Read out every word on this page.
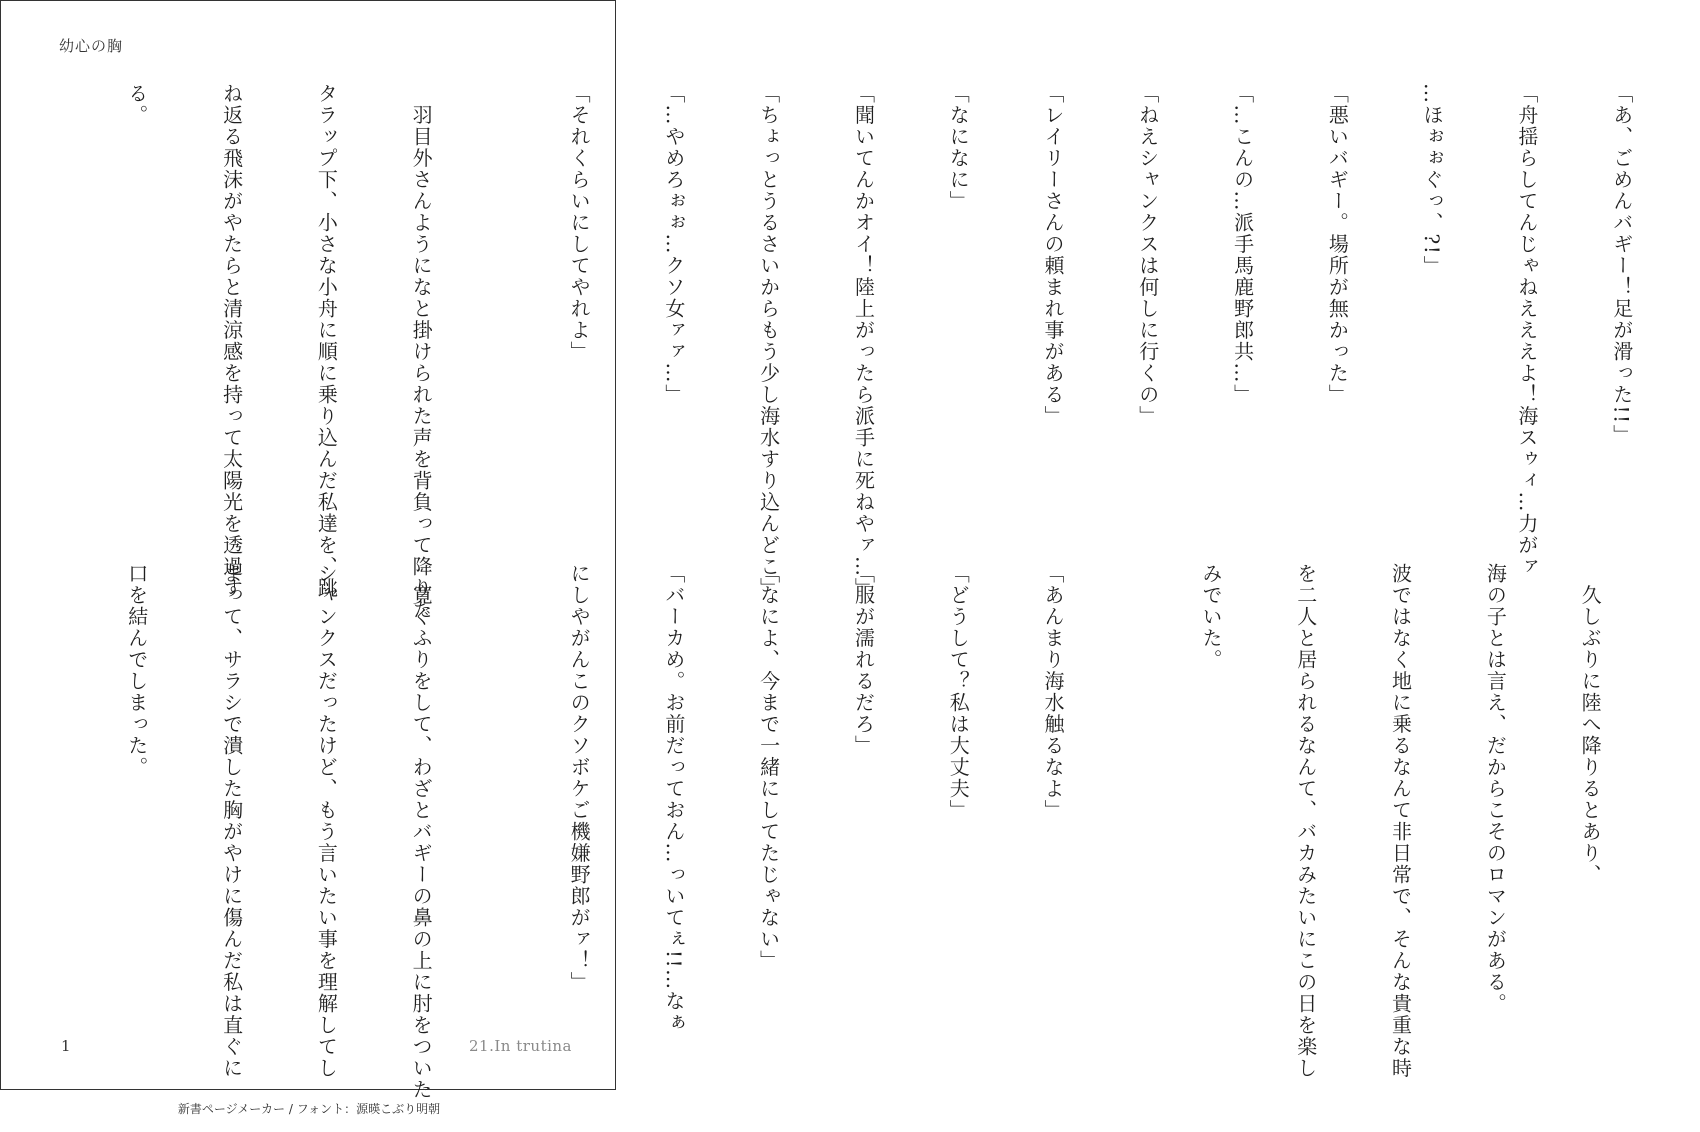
幼心の胸

「あ、ごめんバギー！足が滑った!!」

「舟揺らしてんじゃねえええよ！海スゥィ…力がァ

…ほぉぉぐっ、?!」

「悪いバギー。場所が無かった」

「…こんの…派手馬鹿野郎共…」

「ねえシャンクスは何しに行くの」

「レイリーさんの頼まれ事がある」

「なになに」

「聞いてんかオイ！陸上がったら派手に死ねやァ…」

「ちょっとうるさいからもう少し海水すり込んどこ」

「…やめろぉぉ…クソ女ァァ…」

「それくらいにしてやれよ」

　羽目外さんようになと掛けられた声を背負って降りた

タラップ下、小さな小舟に順に乗り込んだ私達を、跳

ね返る飛沫がやたらと清涼感を持って太陽光を透過す

る。

　久しぶりに陸へ降りるとあり、

海の子とは言え、だからこそのロマンがある。

波ではなく地に乗るなんて非日常で、そんな貴重な時

を二人と居られるなんて、バカみたいにこの日を楽し

みでいた。

「あんまり海水触るなよ」

「どうして？私は大丈夫」

「服が濡れるだろ」

「なによ、今まで一緒にしてたじゃない」

「バーカめ。お前だっておん…っいてぇ!!…なぁ

にしやがんこのクソボケご機嫌野郎がァ！」

　寛ぐふりをして、わざとバギーの鼻の上に肘をついた

シャンクスだったけど、もう言いたい事を理解してし

まって、サラシで潰した胸がやけに傷んだ私は直ぐに

口を結んでしまった。

1	21.In trutina
新書ページメーカー / フォント：源暎こぶり明朝
